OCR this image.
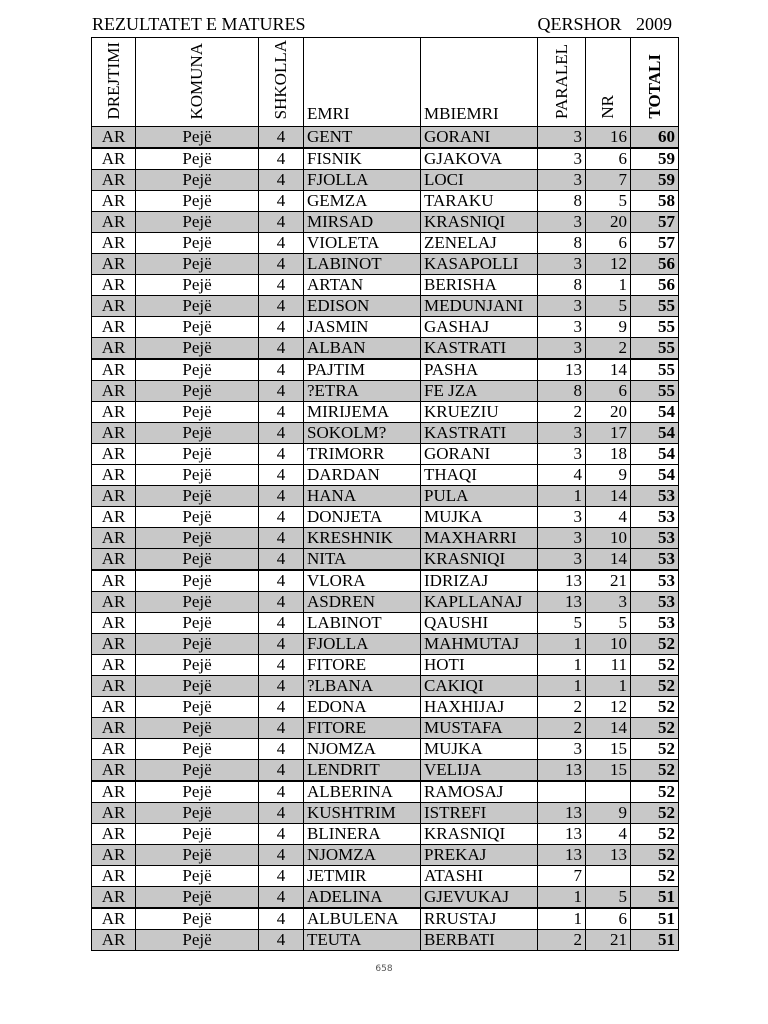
REZULTATET E MATURES	QERSHOR 2009
DREJTIMI	KOMUNA	SHKOLLA	EMRI	MBIEMRI	PARALEL	NR	TOTALI
AR	Pejë	4	GENT	GORANI	3	16	60
AR	Pejë	4	FISNIK	GJAKOVA	3	6	59
AR	Pejë	4	FJOLLA	LOCI	3	7	59
AR	Pejë	4	GEMZA	TARAKU	8	5	58
AR	Pejë	4	MIRSAD	KRASNIQI	3	20	57
AR	Pejë	4	VIOLETA	ZENELAJ	8	6	57
AR	Pejë	4	LABINOT	KASAPOLLI	3	12	56
AR	Pejë	4	ARTAN	BERISHA	8	1	56
AR	Pejë	4	EDISON	MEDUNJANI	3	5	55
AR	Pejë	4	JASMIN	GASHAJ	3	9	55
AR	Pejë	4	ALBAN	KASTRATI	3	2	55
AR	Pejë	4	PAJTIM	PASHA	13	14	55
AR	Pejë	4	?ETRA	FE JZA	8	6	55
AR	Pejë	4	MIRIJEMA	KRUEZIU	2	20	54
AR	Pejë	4	SOKOLM?	KASTRATI	3	17	54
AR	Pejë	4	TRIMORR	GORANI	3	18	54
AR	Pejë	4	DARDAN	THAQI	4	9	54
AR	Pejë	4	HANA	PULA	1	14	53
AR	Pejë	4	DONJETA	MUJKA	3	4	53
AR	Pejë	4	KRESHNIK	MAXHARRI	3	10	53
AR	Pejë	4	NITA	KRASNIQI	3	14	53
AR	Pejë	4	VLORA	IDRIZAJ	13	21	53
AR	Pejë	4	ASDREN	KAPLLANAJ	13	3	53
AR	Pejë	4	LABINOT	QAUSHI	5	5	53
AR	Pejë	4	FJOLLA	MAHMUTAJ	1	10	52
AR	Pejë	4	FITORE	HOTI	1	11	52
AR	Pejë	4	?LBANA	CAKIQI	1	1	52
AR	Pejë	4	EDONA	HAXHIJAJ	2	12	52
AR	Pejë	4	FITORE	MUSTAFA	2	14	52
AR	Pejë	4	NJOMZA	MUJKA	3	15	52
AR	Pejë	4	LENDRIT	VELIJA	13	15	52
AR	Pejë	4	ALBERINA	RAMOSAJ			52
AR	Pejë	4	KUSHTRIM	ISTREFI	13	9	52
AR	Pejë	4	BLINERA	KRASNIQI	13	4	52
AR	Pejë	4	NJOMZA	PREKAJ	13	13	52
AR	Pejë	4	JETMIR	ATASHI	7		52
AR	Pejë	4	ADELINA	GJEVUKAJ	1	5	51
AR	Pejë	4	ALBULENA	RRUSTAJ	1	6	51
AR	Pejë	4	TEUTA	BERBATI	2	21	51
658
